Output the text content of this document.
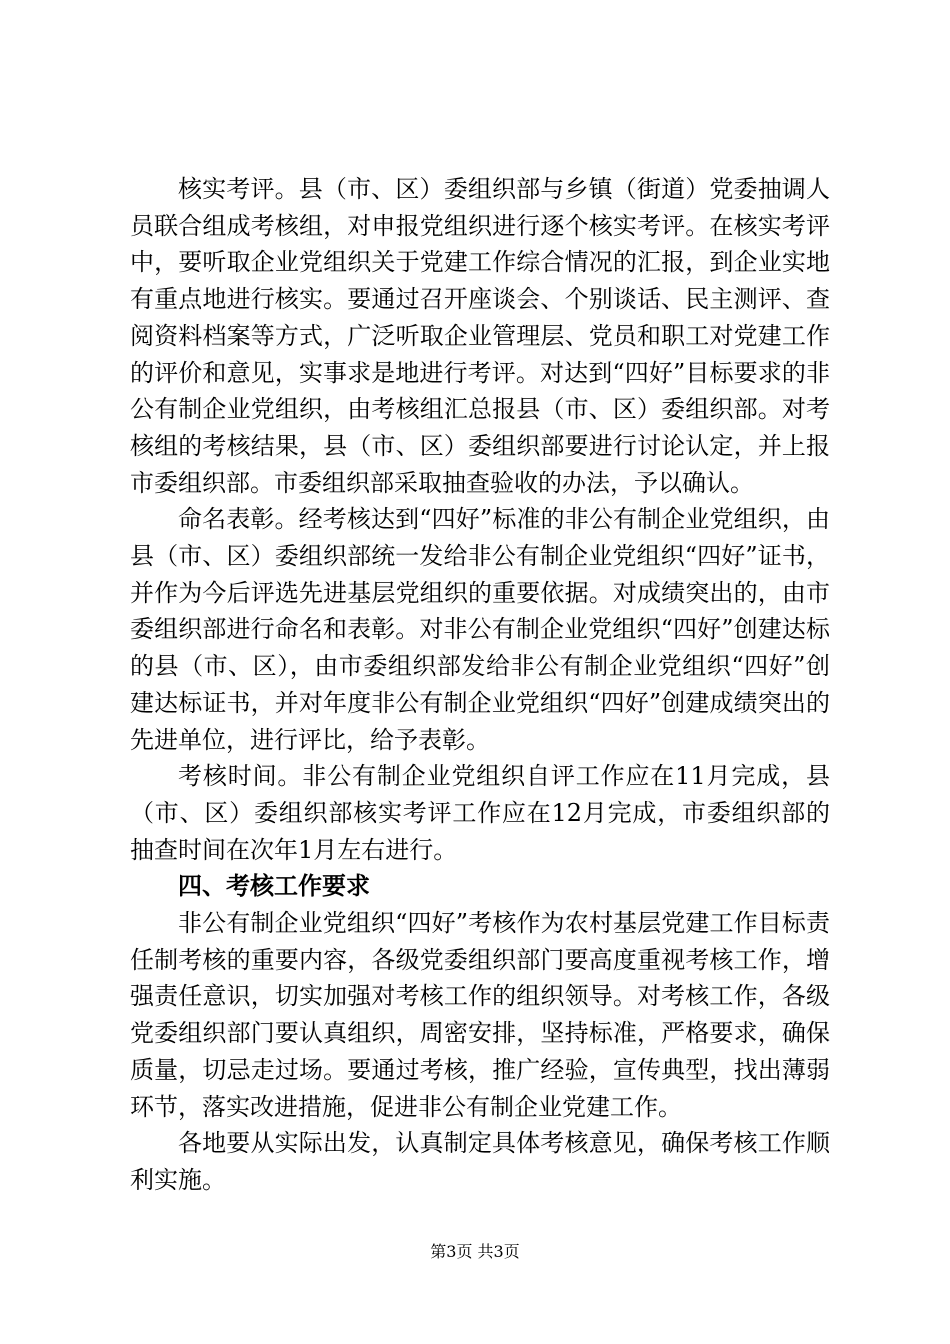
核实考评。县（市、区）委组织部与乡镇（街道）党委抽调人员联合组成考核组，对申报党组织进行逐个核实考评。在核实考评中，要听取企业党组织关于党建工作综合情况的汇报，到企业实地有重点地进行核实。要通过召开座谈会、个别谈话、民主测评、查阅资料档案等方式，广泛听取企业管理层、党员和职工对党建工作的评价和意见，实事求是地进行考评。对达到“四好”目标要求的非公有制企业党组织，由考核组汇总报县（市、区）委组织部。对考核组的考核结果，县（市、区）委组织部要进行讨论认定，并上报市委组织部。市委组织部采取抽查验收的办法，予以确认。

命名表彰。经考核达到“四好”标准的非公有制企业党组织，由县（市、区）委组织部统一发给非公有制企业党组织“四好”证书，并作为今后评选先进基层党组织的重要依据。对成绩突出的，由市委组织部进行命名和表彰。对非公有制企业党组织“四好”创建达标的县（市、区），由市委组织部发给非公有制企业党组织“四好”创建达标证书，并对年度非公有制企业党组织“四好”创建成绩突出的先进单位，进行评比，给予表彰。

考核时间。非公有制企业党组织自评工作应在11月完成，县（市、区）委组织部核实考评工作应在12月完成，市委组织部的抽查时间在次年1月左右进行。

四、考核工作要求

非公有制企业党组织“四好”考核作为农村基层党建工作目标责任制考核的重要内容，各级党委组织部门要高度重视考核工作，增强责任意识，切实加强对考核工作的组织领导。对考核工作，各级党委组织部门要认真组织，周密安排，坚持标准，严格要求，确保质量，切忌走过场。要通过考核，推广经验，宣传典型，找出薄弱环节，落实改进措施，促进非公有制企业党建工作。

各地要从实际出发，认真制定具体考核意见，确保考核工作顺利实施。

第3页 共3页
